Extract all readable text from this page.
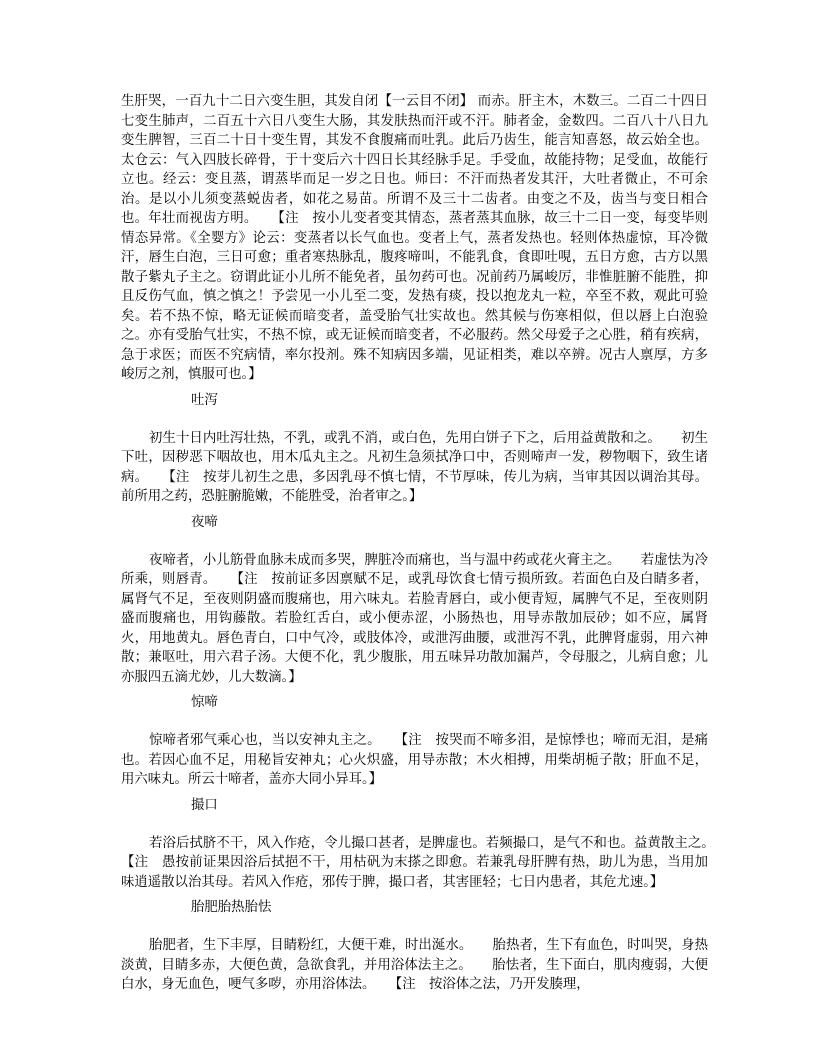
生肝哭，一百九十二日六变生胆，其发自闭【一云目不闭】 而赤。肝主木，木数三。二百二十四日七变生肺声，二百五十六日八变生大肠，其发肤热而汗或不汗。肺者金，金数四。二百八十八日九变生脾智，三百二十日十变生胃，其发不食腹痛而吐乳。此后乃齿生，能言知喜怒，故云始全也。太仓云：气入四肢长碎骨，于十变后六十四日长其经脉手足。手受血，故能持物；足受血，故能行立也。经云：变且蒸，谓蒸毕而足一岁之日也。师曰：不汗而热者发其汗，大吐者微止，不可余治。是以小儿须变蒸蜕齿者，如花之易苗。所谓不及三十二齿者。由变之不及，齿当与变日相合也。年壮而视齿方明。　　【注　按小儿变者变其情态，蒸者蒸其血脉，故三十二日一变，每变毕则情态异常。《全婴方》论云：变蒸者以长气血也。变者上气，蒸者发热也。轻则体热虚惊，耳冷微汗，唇生白泡，三日可愈；重者寒热脉乱，腹疼啼叫，不能乳食，食即吐哯，五日方愈，古方以黑散子紫丸子主之。窃谓此证小儿所不能免者，虽勿药可也。况前药乃属峻厉，非惟脏腑不能胜，抑且反伤气血，慎之慎之！予尝见一小儿至二变，发热有痰，投以抱龙丸一粒，卒至不救，观此可验矣。若不热不惊，略无证候而暗变者，盖受胎气壮实故也。然其候与伤寒相似，但以唇上白泡验之。亦有受胎气壮实，不热不惊，或无证候而暗变者，不必服药。然父母爱子之心胜，稍有疾病，急于求医；而医不究病情，率尔投剂。殊不知病因多端，见证相类，难以卒辨。况古人禀厚，方多峻厉之剂，慎服可也。】

吐泻

初生十日内吐泻壮热，不乳，或乳不消，或白色，先用白饼子下之，后用益黄散和之。　　初生下吐，因秽恶下咽故也，用木瓜丸主之。凡初生急须拭净口中，否则啼声一发，秽物咽下，致生诸病。　　【注　按芽儿初生之患，多因乳母不慎七情，不节厚味，传儿为病，当审其因以调治其母。前所用之药，恐脏腑脆嫩，不能胜受，治者审之。】

夜啼

夜啼者，小儿筋骨血脉未成而多哭，脾脏冷而痛也，当与温中药或花火膏主之。　　若虚怯为冷所乘，则唇青。　　【注　按前证多因禀赋不足，或乳母饮食七情亏损所致。若面色白及白睛多者，属肾气不足，至夜则阴盛而腹痛也，用六味丸。若脸青唇白，或小便青短，属脾气不足，至夜则阴盛而腹痛也，用钩藤散。若脸红舌白，或小便赤涩，小肠热也，用导赤散加辰砂；如不应，属肾火，用地黄丸。唇色青白，口中气冷，或肢体冷，或泄泻曲腰，或泄泻不乳，此脾肾虚弱，用六神散；兼呕吐，用六君子汤。大便不化，乳少腹胀，用五味异功散加漏芦，令母服之，儿病自愈；儿亦服四五滴尤妙，儿大数滴。】

惊啼

惊啼者邪气乘心也，当以安神丸主之。　　【注　按哭而不啼多泪，是惊悸也；啼而无泪，是痛也。若因心血不足，用秘旨安神丸；心火炽盛，用导赤散；木火相搏，用柴胡栀子散；肝血不足，用六味丸。所云十啼者，盖亦大同小异耳。】

撮口

若浴后拭脐不干，风入作疮，令儿撮口甚者，是脾虚也。若频撮口，是气不和也。益黄散主之。　　【注　愚按前证果因浴后拭挹不干，用枯矾为末搽之即愈。若兼乳母肝脾有热，助儿为患，当用加味逍遥散以治其母。若风入作疮，邪传于脾，撮口者，其害匪轻；七日内患者，其危尤速。】

胎肥胎热胎怯

胎肥者，生下丰厚，目睛粉红，大便干难，时出涎水。　　胎热者，生下有血色，时叫哭，身热淡黄，目睛多赤，大便色黄，急欲食乳，并用浴体法主之。　　胎怯者，生下面白，肌肉瘦弱，大便白水，身无血色，哽气多哕，亦用浴体法。　　【注　按浴体之法，乃开发腠理，
